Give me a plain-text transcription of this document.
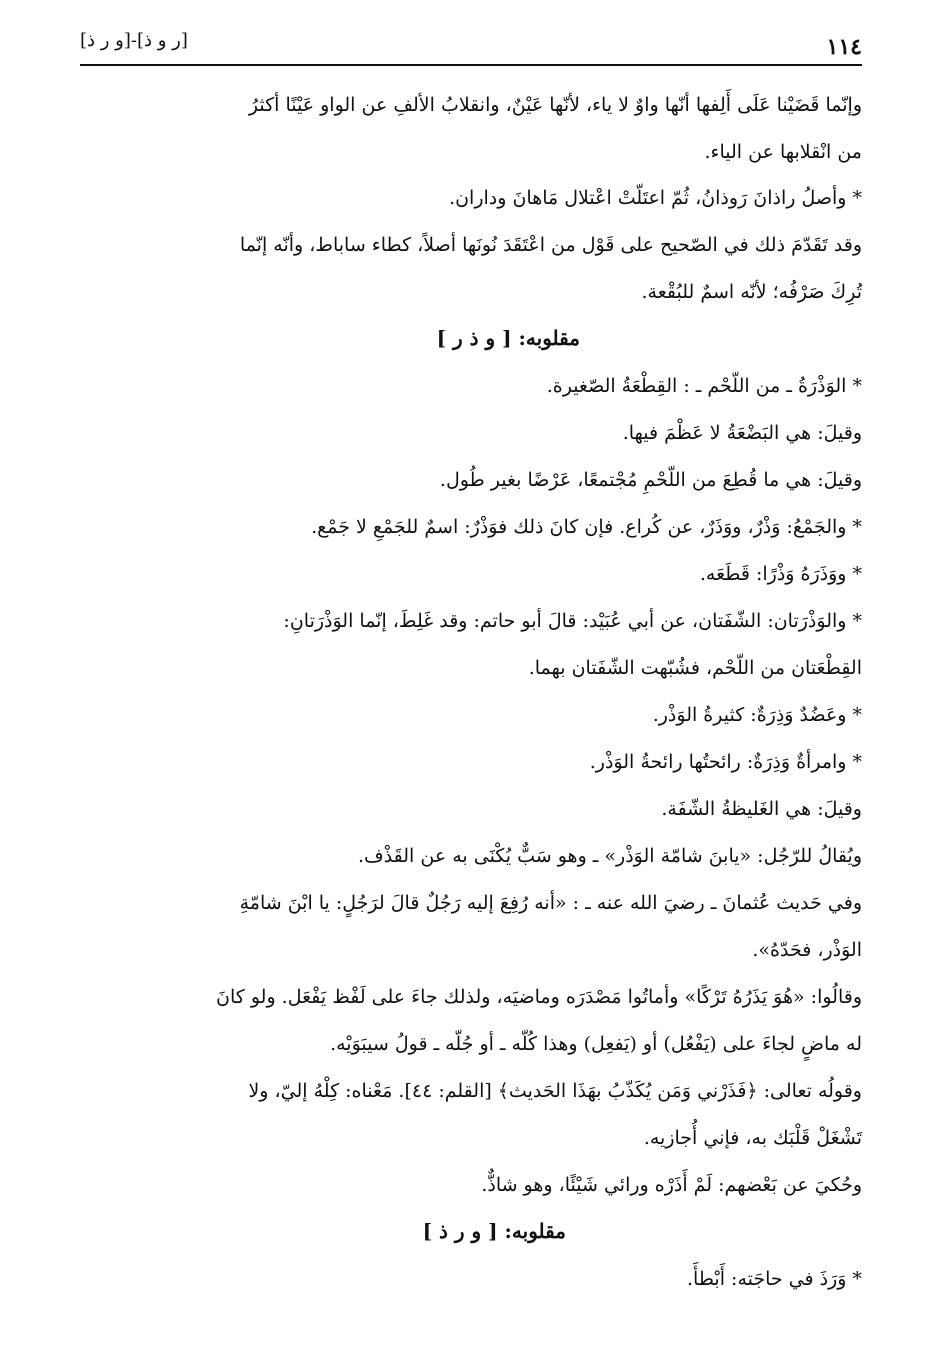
١١٤
[ر و ذ]-[و ر ذ]
وإنّما قَضَيْنا عَلَى أَلِفها أنّها واوٌ لا ياء، لأنّها عَيْنٌ، وانقلابُ الألفِ عن الواو عَيْنًا أكثرُ
من انْقلابها عن الياء.
* وأصلُ راذانَ رَوذانُ، ثُمّ اعتَلّتْ اعْتلال مَاهانَ وداران.
وقد تَقَدّمَ ذلك في الصّحيح على قَوْل من اعْتَقَدَ نُونَها أصلاً، كطاء ساباط، وأنّه إنّما
تُرِكَ صَرْفُه؛ لأنّه اسمٌ للبُقْعة.
مقلوبه: [ و ذ ر ]
* الوَذْرَةُ ـ من اللّحْم ـ : القِطْعَةُ الصّغيرة.
وقيلَ: هي البَضْعَةُ لا عَظْمَ فيها.
وقيلَ: هي ما قُطِعَ من اللّحْمِ مُجْتمعًا، عَرْضًا بغير طُول.
* والجَمْعُ: وَذْرٌ، ووَذَرٌ، عن كُراع. فإن كانَ ذلك فوَذْرٌ: اسمٌ للجَمْعِ لا جَمْع.
* ووَذَرَهُ وَذْرًا: قَطَعَه.
* والوَذْرَتان: الشّفَتان، عن أبي عُبَيْد: قالَ أبو حاتم: وقد غَلِطَ، إنّما الوَذْرَتانِ:
القِطْعَتان من اللّحْم، فشُبّهت الشّفَتان بهما.
* وعَضُدٌ وَذِرَةٌ: كثيرةُ الوَذْر.
* وامرأةٌ وَذِرَةٌ: رائحتُها رائحةُ الوَذْر.
وقيلَ: هي الغَليظةُ الشّفَة.
ويُقالُ للرّجُل: «يابنَ شامّة الوَذْر» ـ وهو سَبٌّ يُكْنَى به عن القَذْف.
وفي حَديث عُثمانَ ـ رضيَ الله عنه ـ : «أنه رُفِعَ إليه رَجُلٌ قالَ لرَجُلٍ: يا ابْنَ شامّةِ
الوَذْر، فحَدّهُ».
وقالُوا: «هُوَ يَذَرُهُ تَرْكًا» وأماتُوا مَصْدَرَه وماضيَه، ولذلك جاءَ على لَفْظ يَفْعَل. ولو كانَ
له ماضٍ لجاءَ على (يَفْعُل) أو (يَفعِل) وهذا كُلّه ـ أو جُلّه ـ قولُ سيبَوَيْه.
وقولُه تعالى: ﴿فَذَرْني وَمَن يُكَذّبُ بهَذَا الحَديث﴾ [القلم: ٤٤]. مَعْناه: كِلْهُ إليّ، ولا
تَشْغَلْ قَلْبَك به، فإني أُجازيه.
وحُكيَ عن بَعْضهم: لَمْ أَذَرْه ورائي شَيْئًا، وهو شاذٌّ.
مقلوبه: [ و ر ذ ]
* وَرَذَ في حاجَته: أَبْطأَ.
